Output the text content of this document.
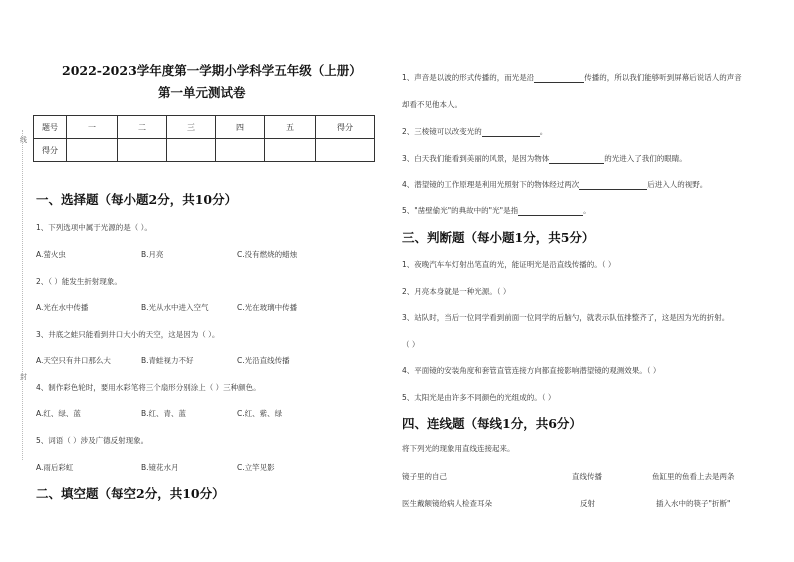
线
封
2022-2023学年度第一学期小学科学五年级（上册）
第一单元测试卷
题号	一	二	三	四	五	得分
得分						
一、选择题（每小题2分，共10分）
1、下列选项中属于光源的是（ ）。
A.萤火虫	B.月亮	C.没有燃烧的蜡烛
2、（ ）能发生折射现象。
A.光在水中传播	B.光从水中进入空气	C.光在玻璃中传播
3、井底之蛙只能看到井口大小的天空，这是因为（ ）。
A.天空只有井口那么大	B.青蛙视力不好	C.光沿直线传播
4、制作彩色轮时，要用水彩笔将三个扇形分别涂上（ ）三种颜色。
A.红、绿、蓝	B.红、青、蓝	C.红、紫、绿
5、词语（ ）涉及广德反射现象。
A.雨后彩虹	B.镜花水月	C.立竿见影
二、填空题（每空2分，共10分）
1、声音是以波的形式传播的，而光是沿	传播的，所以我们能够听到屏幕后说话人的声音
却看不见他本人。
2、三棱镜可以改变光的	。
3、白天我们能看到美丽的风景，是因为物体	的光进入了我们的眼睛。
4、潜望镜的工作原理是利用光照射下的物体经过两次	后进入人的视野。
5、"凿壁偷光"的典故中的"光"是指	。
三、判断题（每小题1分，共5分）
1、夜晚汽车车灯射出笔直的光，能证明光是沿直线传播的。（ ）
2、月亮本身就是一种光源。（ ）
3、站队时，当后一位同学看到前面一位同学的后脑勺，就表示队伍排整齐了，这是因为光的折射。
（ ）
4、平面镜的安装角度和套管直管连接方向都直接影响潜望镜的观测效果。（ ）
5、太阳光是由许多不同颜色的光组成的。（ ）
四、连线题（每线1分，共6分）
将下列光的现象用直线连接起来。
镜子里的自己	直线传播	鱼缸里的鱼看上去是两条
医生戴额镜给病人检查耳朵	反射	插入水中的筷子"折断"
